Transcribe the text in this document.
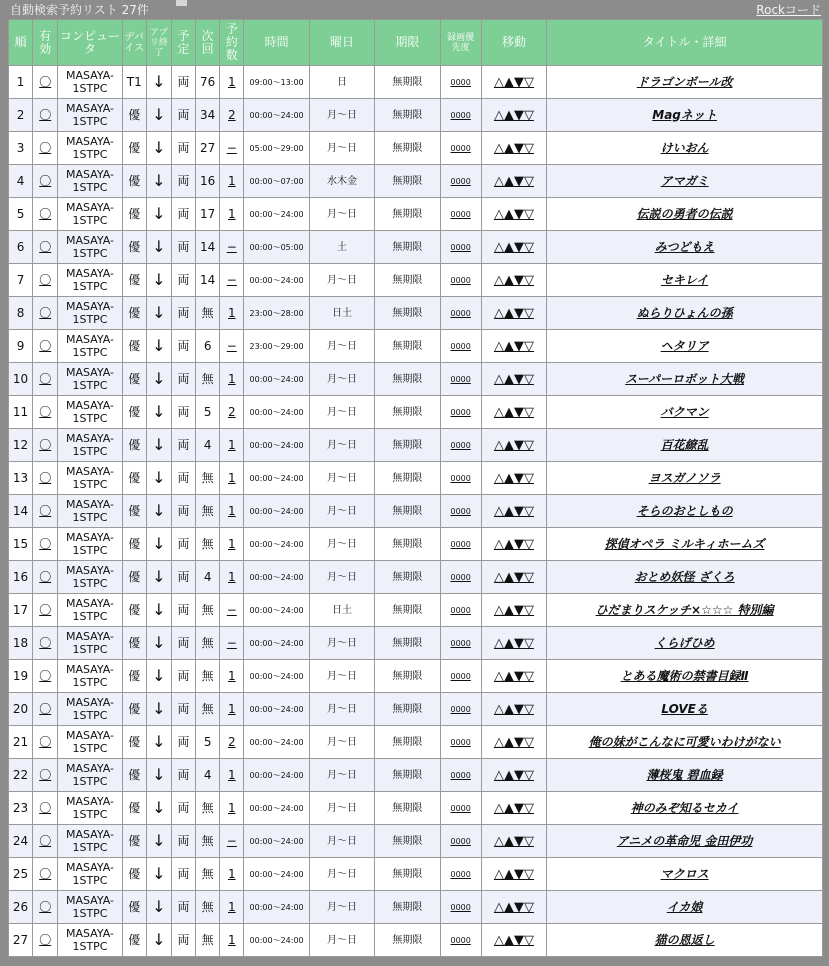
自動検索予約リスト 27件	Rockコード
順	有
効	コンピュータ	デバ
イス	アプ
リ終
了	予
定	次
回	予
約
数	時間	曜日	期限	録画優
先度	移動	タイトル・詳細
1	〇	MASAYA-
1STPC	T1	↓	両	76	1	09:00〜13:00	日	無期限	0000	△▲▼▽	ドラゴンボール改
2	〇	MASAYA-
1STPC	優	↓	両	34	2	00:00〜24:00	月〜日	無期限	0000	△▲▼▽	Magネット
3	〇	MASAYA-
1STPC	優	↓	両	27	−	05:00〜29:00	月〜日	無期限	0000	△▲▼▽	けいおん
4	〇	MASAYA-
1STPC	優	↓	両	16	1	00:00〜07:00	水木金	無期限	0000	△▲▼▽	アマガミ
5	〇	MASAYA-
1STPC	優	↓	両	17	1	00:00〜24:00	月〜日	無期限	0000	△▲▼▽	伝説の勇者の伝説
6	〇	MASAYA-
1STPC	優	↓	両	14	−	00:00〜05:00	土	無期限	0000	△▲▼▽	みつどもえ
7	〇	MASAYA-
1STPC	優	↓	両	14	−	00:00〜24:00	月〜日	無期限	0000	△▲▼▽	セキレイ
8	〇	MASAYA-
1STPC	優	↓	両	無	1	23:00〜28:00	日土	無期限	0000	△▲▼▽	ぬらりひょんの孫
9	〇	MASAYA-
1STPC	優	↓	両	6	−	23:00〜29:00	月〜日	無期限	0000	△▲▼▽	ヘタリア
10	〇	MASAYA-
1STPC	優	↓	両	無	1	00:00〜24:00	月〜日	無期限	0000	△▲▼▽	スーパーロボット大戦
11	〇	MASAYA-
1STPC	優	↓	両	5	2	00:00〜24:00	月〜日	無期限	0000	△▲▼▽	バクマン
12	〇	MASAYA-
1STPC	優	↓	両	4	1	00:00〜24:00	月〜日	無期限	0000	△▲▼▽	百花繚乱
13	〇	MASAYA-
1STPC	優	↓	両	無	1	00:00〜24:00	月〜日	無期限	0000	△▲▼▽	ヨスガノソラ
14	〇	MASAYA-
1STPC	優	↓	両	無	1	00:00〜24:00	月〜日	無期限	0000	△▲▼▽	そらのおとしもの
15	〇	MASAYA-
1STPC	優	↓	両	無	1	00:00〜24:00	月〜日	無期限	0000	△▲▼▽	探偵オペラ ミルキィホームズ
16	〇	MASAYA-
1STPC	優	↓	両	4	1	00:00〜24:00	月〜日	無期限	0000	△▲▼▽	おとめ妖怪 ざくろ
17	〇	MASAYA-
1STPC	優	↓	両	無	−	00:00〜24:00	日土	無期限	0000	△▲▼▽	ひだまりスケッチ×☆☆☆ 特別編
18	〇	MASAYA-
1STPC	優	↓	両	無	−	00:00〜24:00	月〜日	無期限	0000	△▲▼▽	くらげひめ
19	〇	MASAYA-
1STPC	優	↓	両	無	1	00:00〜24:00	月〜日	無期限	0000	△▲▼▽	とある魔術の禁書目録Ⅱ
20	〇	MASAYA-
1STPC	優	↓	両	無	1	00:00〜24:00	月〜日	無期限	0000	△▲▼▽	LOVEる
21	〇	MASAYA-
1STPC	優	↓	両	5	2	00:00〜24:00	月〜日	無期限	0000	△▲▼▽	俺の妹がこんなに可愛いわけがない
22	〇	MASAYA-
1STPC	優	↓	両	4	1	00:00〜24:00	月〜日	無期限	0000	△▲▼▽	薄桜鬼 碧血録
23	〇	MASAYA-
1STPC	優	↓	両	無	1	00:00〜24:00	月〜日	無期限	0000	△▲▼▽	神のみぞ知るセカイ
24	〇	MASAYA-
1STPC	優	↓	両	無	−	00:00〜24:00	月〜日	無期限	0000	△▲▼▽	アニメの革命児 金田伊功
25	〇	MASAYA-
1STPC	優	↓	両	無	1	00:00〜24:00	月〜日	無期限	0000	△▲▼▽	マクロス
26	〇	MASAYA-
1STPC	優	↓	両	無	1	00:00〜24:00	月〜日	無期限	0000	△▲▼▽	イカ娘
27	〇	MASAYA-
1STPC	優	↓	両	無	1	00:00〜24:00	月〜日	無期限	0000	△▲▼▽	猫の恩返し
